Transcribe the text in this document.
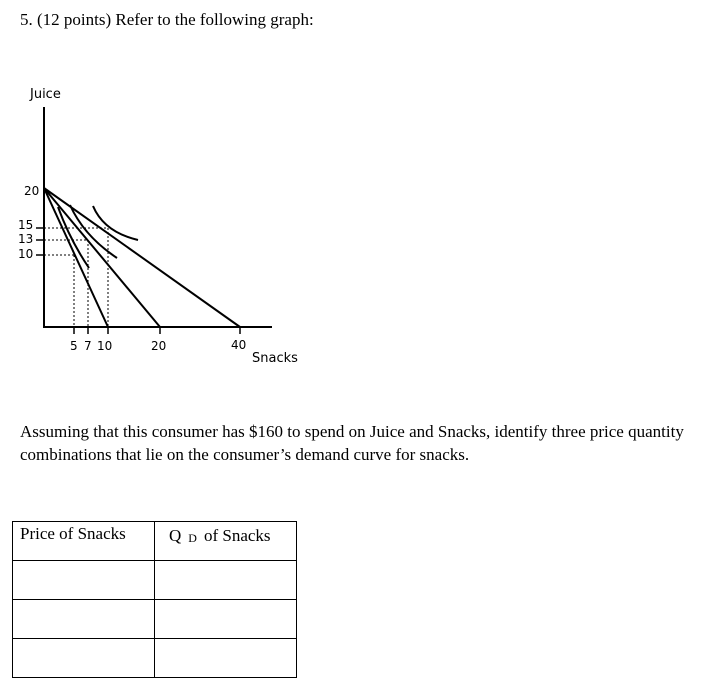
5. (12 points) Refer to the following graph:
Juice
Snacks
20
15
13
10
5 7 10	20	40
Assuming that this consumer has $160 to spend on Juice and Snacks, identify three price quantity combinations that lie on the consumer’s demand curve for snacks.
Price of Snacks	Q Dof Snacks
